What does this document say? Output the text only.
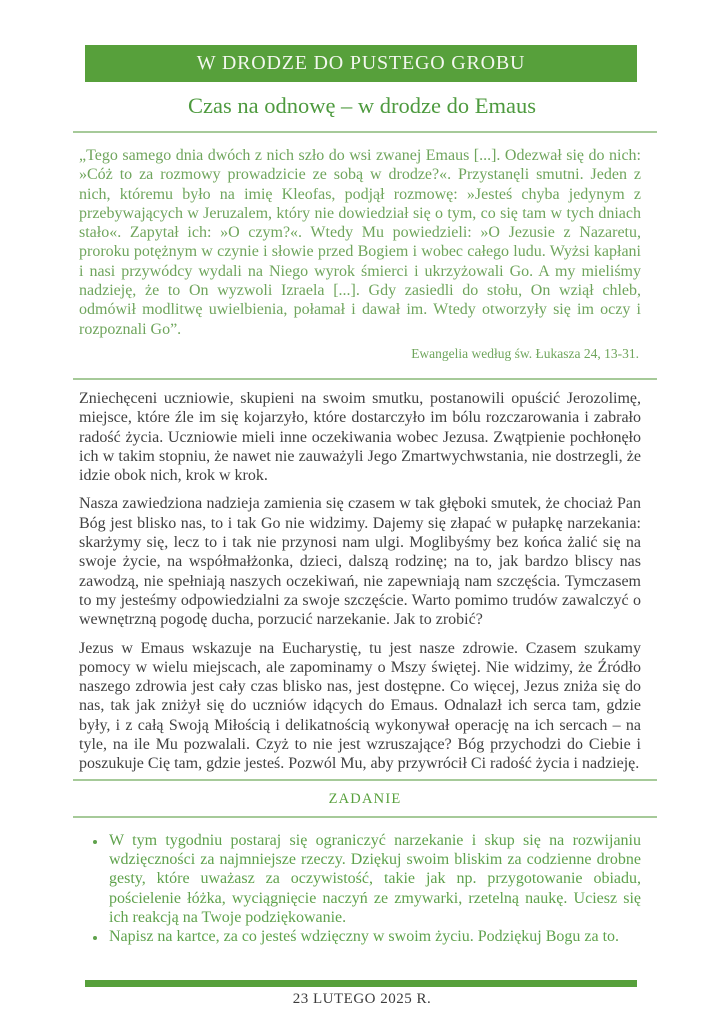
W DRODZE DO PUSTEGO GROBU
Czas na odnowę – w drodze do Emaus
„Tego samego dnia dwóch z nich szło do wsi zwanej Emaus [...]. Odezwał się do nich: »Cóż to za rozmowy prowadzicie ze sobą w drodze?«. Przystanęli smutni. Jeden z nich, któremu było na imię Kleofas, podjął rozmowę: »Jesteś chyba jedynym z przebywających w Jeruzalem, który nie dowiedział się o tym, co się tam w tych dniach stało«. Zapytał ich: »O czym?«. Wtedy Mu powiedzieli: »O Jezusie z Nazaretu, proroku potężnym w czynie i słowie przed Bogiem i wobec całego ludu. Wyżsi kapłani i nasi przywódcy wydali na Niego wyrok śmierci i ukrzyżowali Go. A my mieliśmy nadzieję, że to On wyzwoli Izraela [...]. Gdy zasiedli do stołu, On wziął chleb, odmówił modlitwę uwielbienia, połamał i dawał im. Wtedy otworzyły się im oczy i rozpoznali Go”.
Ewangelia według św. Łukasza 24, 13-31.

Zniechęceni uczniowie, skupieni na swoim smutku, postanowili opuścić Jerozolimę, miejsce, które źle im się kojarzyło, które dostarczyło im bólu rozczarowania i zabrało radość życia. Uczniowie mieli inne oczekiwania wobec Jezusa. Zwątpienie pochłonęło ich w takim stopniu, że nawet nie zauważyli Jego Zmartwychwstania, nie dostrzegli, że idzie obok nich, krok w krok.

Nasza zawiedziona nadzieja zamienia się czasem w tak głęboki smutek, że chociaż Pan Bóg jest blisko nas, to i tak Go nie widzimy. Dajemy się złapać w pułapkę narzekania: skarżymy się, lecz to i tak nie przynosi nam ulgi. Moglibyśmy bez końca żalić się na swoje życie, na współmałżonka, dzieci, dalszą rodzinę; na to, jak bardzo bliscy nas zawodzą, nie spełniają naszych oczekiwań, nie zapewniają nam szczęścia. Tymczasem to my jesteśmy odpowiedzialni za swoje szczęście. Warto pomimo trudów zawalczyć o wewnętrzną pogodę ducha, porzucić narzekanie. Jak to zrobić?

Jezus w Emaus wskazuje na Eucharystię, tu jest nasze zdrowie. Czasem szukamy pomocy w wielu miejscach, ale zapominamy o Mszy świętej. Nie widzimy, że Źródło naszego zdrowia jest cały czas blisko nas, jest dostępne. Co więcej, Jezus zniża się do nas, tak jak zniżył się do uczniów idących do Emaus. Odnalazł ich serca tam, gdzie były, i z całą Swoją Miłością i delikatnością wykonywał operację na ich sercach – na tyle, na ile Mu pozwalali. Czyż to nie jest wzruszające? Bóg przychodzi do Ciebie i poszukuje Cię tam, gdzie jesteś. Pozwól Mu, aby przywrócił Ci radość życia i nadzieję.

ZADANIE
• W tym tygodniu postaraj się ograniczyć narzekanie i skup się na rozwijaniu wdzięczności za najmniejsze rzeczy. Dziękuj swoim bliskim za codzienne drobne gesty, które uważasz za oczywistość, takie jak np. przygotowanie obiadu, pościelenie łóżka, wyciągnięcie naczyń ze zmywarki, rzetelną naukę. Uciesz się ich reakcją na Twoje podziękowanie.
• Napisz na kartce, za co jesteś wdzięczny w swoim życiu. Podziękuj Bogu za to.
23 LUTEGO 2025 R.
